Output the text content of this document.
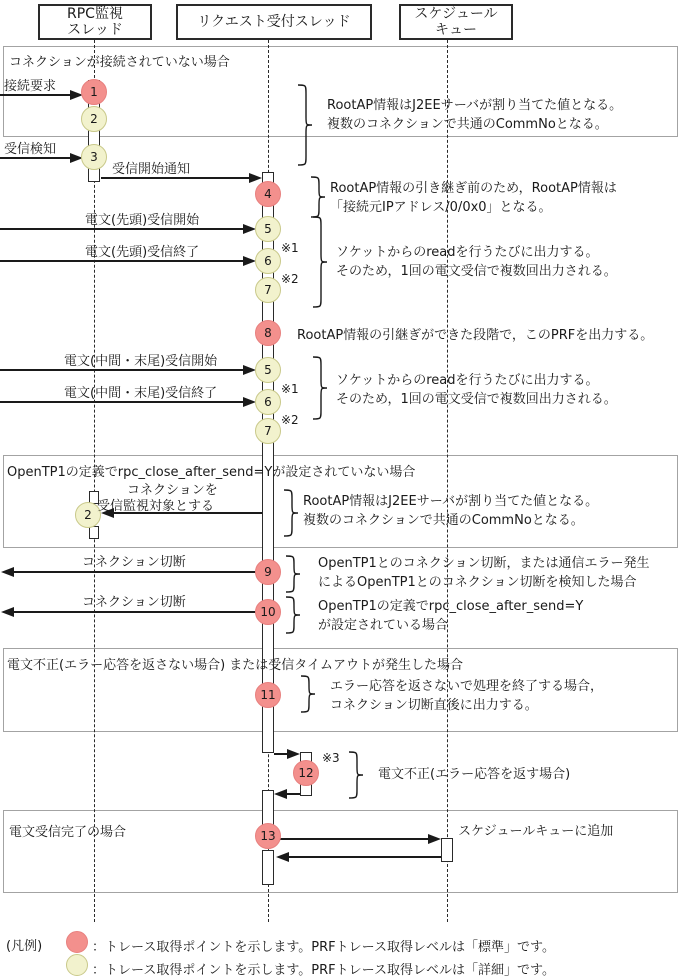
RPC監視
スレッド	リクエスト受付スレッド	スケジュール
キュー
コネクションが接続されていない場合
OpenTP1の定義でrpc_close_after_send=Yが設定されていない場合
電文不正(エラー応答を返さない場合) または受信タイムアウトが発生した場合
電文受信完了の場合
1
2
3
4
5
6
7
8
5
6
7
2
9
10
11
12
13
RootAP情報はJ2EEサーバが割り当てた値となる。
複数のコネクションで共通のCommNoとなる。
RootAP情報の引き継ぎ前のため，RootAP情報は
「接続元IPアドレス/0/0x0」となる。
ソケットからのreadを行うたびに出力する。
そのため，1回の電文受信で複数回出力される。
RootAP情報の引継ぎができた段階で，このPRFを出力する。
ソケットからのreadを行うたびに出力する。
そのため，1回の電文受信で複数回出力される。
RootAP情報はJ2EEサーバが割り当てた値となる。
複数のコネクションで共通のCommNoとなる。
OpenTP1とのコネクション切断，または通信エラー発生
によるOpenTP1とのコネクション切断を検知した場合
OpenTP1の定義でrpc_close_after_send=Y
が設定されている場合
エラー応答を返さないで処理を終了する場合，
コネクション切断直後に出力する。
電文不正(エラー応答を返す場合)
接続要求
受信検知
受信開始通知
電文(先頭)受信開始
電文(先頭)受信終了
電文(中間・末尾)受信開始
電文(中間・末尾)受信終了
コネクションを
受信監視対象とする
コネクション切断
コネクション切断
スケジュールキューに追加
※1
※2
※1
※2
※3
(凡例)	：トレース取得ポイントを示します。PRFトレース取得レベルは「標準」です。
：トレース取得ポイントを示します。PRFトレース取得レベルは「詳細」です。
